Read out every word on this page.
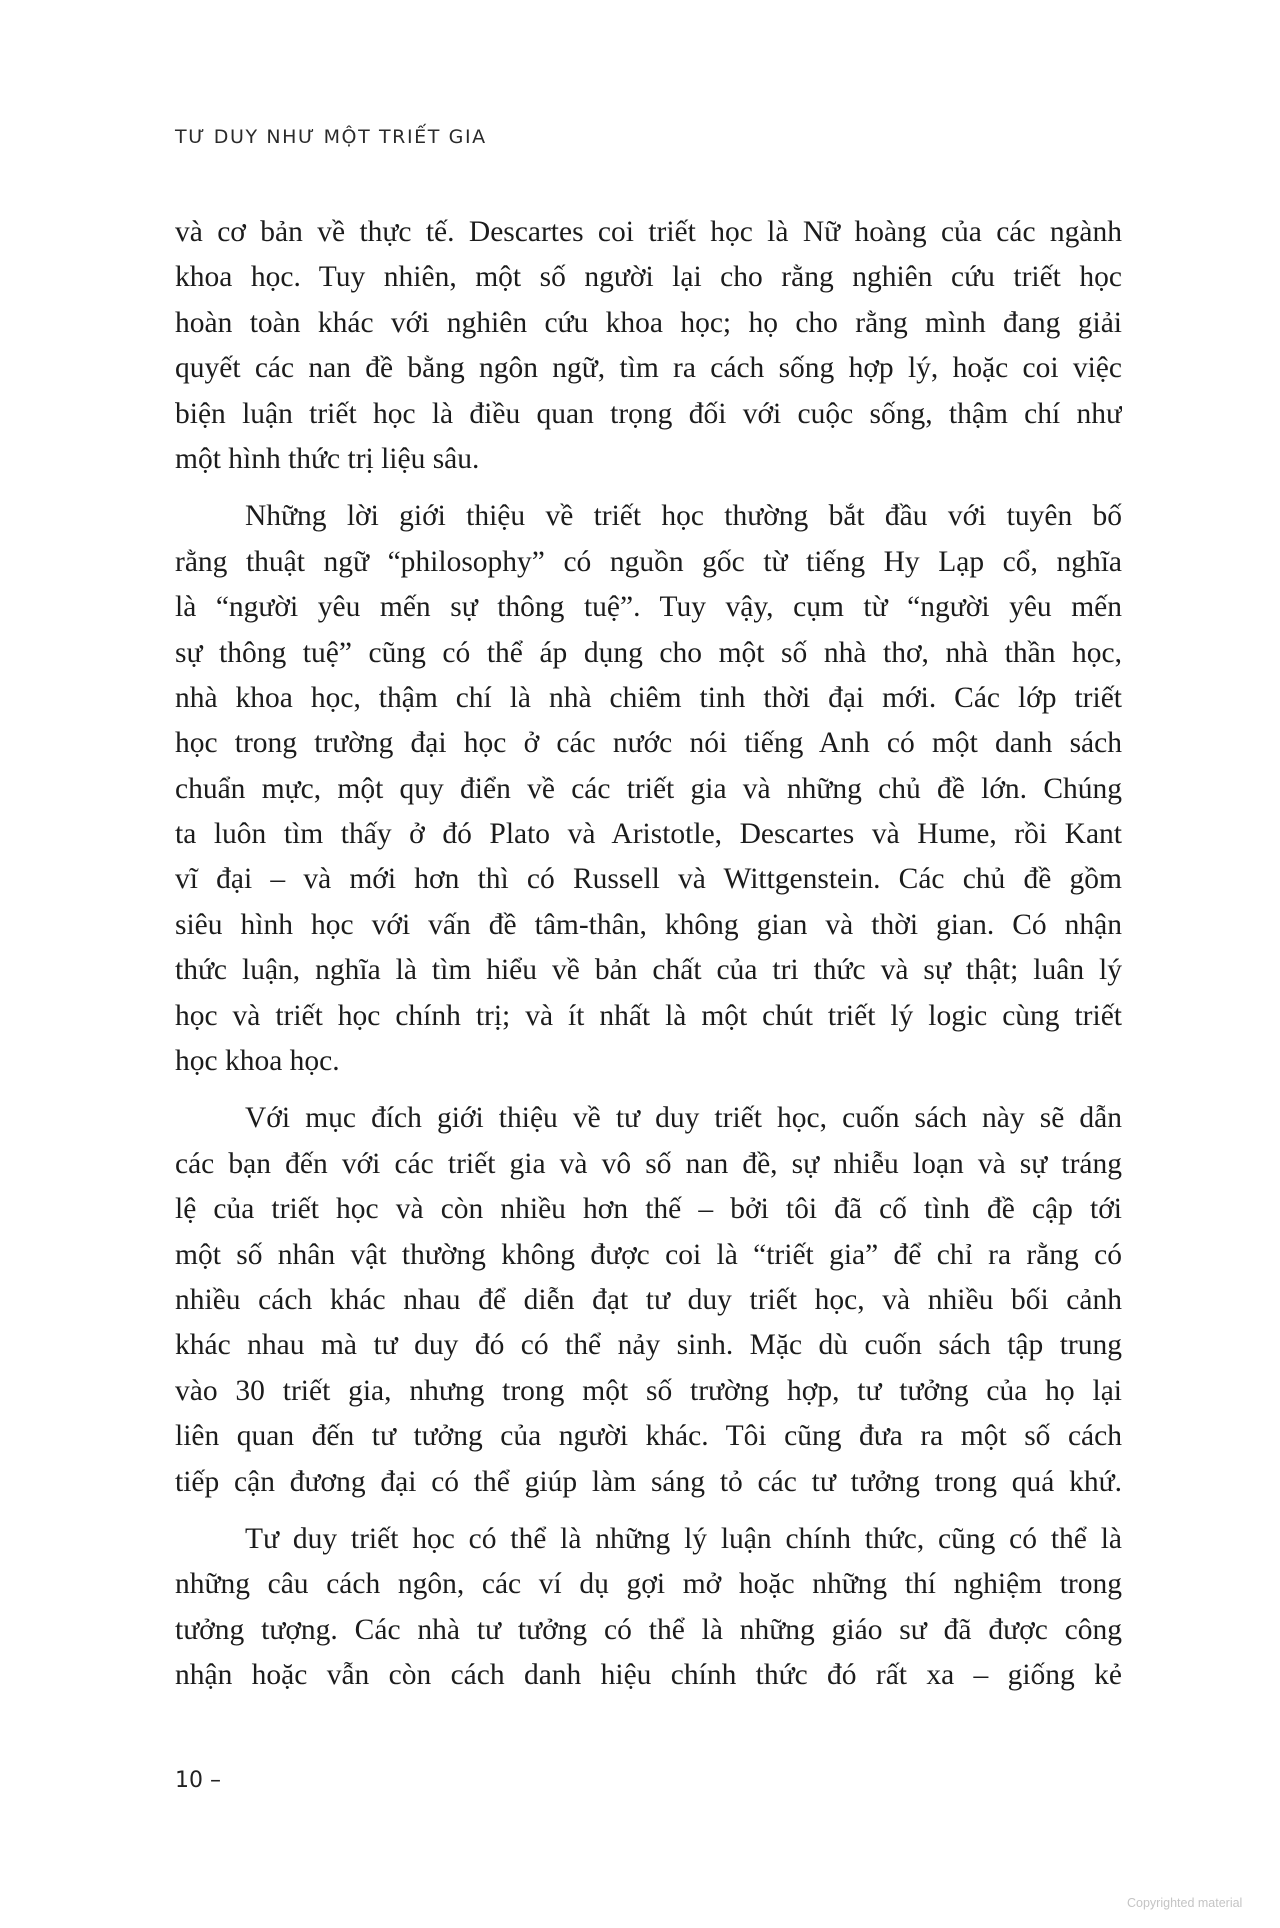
TƯ DUY NHƯ MỘT TRIẾT GIA
và cơ bản về thực tế. Descartes coi triết học là Nữ hoàng của các ngành
khoa học. Tuy nhiên, một số người lại cho rằng nghiên cứu triết học
hoàn toàn khác với nghiên cứu khoa học; họ cho rằng mình đang giải
quyết các nan đề bằng ngôn ngữ, tìm ra cách sống hợp lý, hoặc coi việc
biện luận triết học là điều quan trọng đối với cuộc sống, thậm chí như
một hình thức trị liệu sâu.
Những lời giới thiệu về triết học thường bắt đầu với tuyên bố
rằng thuật ngữ “philosophy” có nguồn gốc từ tiếng Hy Lạp cổ, nghĩa
là “người yêu mến sự thông tuệ”. Tuy vậy, cụm từ “người yêu mến
sự thông tuệ” cũng có thể áp dụng cho một số nhà thơ, nhà thần học,
nhà khoa học, thậm chí là nhà chiêm tinh thời đại mới. Các lớp triết
học trong trường đại học ở các nước nói tiếng Anh có một danh sách
chuẩn mực, một quy điển về các triết gia và những chủ đề lớn. Chúng
ta luôn tìm thấy ở đó Plato và Aristotle, Descartes và Hume, rồi Kant
vĩ đại – và mới hơn thì có Russell và Wittgenstein. Các chủ đề gồm
siêu hình học với vấn đề tâm-thân, không gian và thời gian. Có nhận
thức luận, nghĩa là tìm hiểu về bản chất của tri thức và sự thật; luân lý
học và triết học chính trị; và ít nhất là một chút triết lý logic cùng triết
học khoa học.
Với mục đích giới thiệu về tư duy triết học, cuốn sách này sẽ dẫn
các bạn đến với các triết gia và vô số nan đề, sự nhiễu loạn và sự tráng
lệ của triết học và còn nhiều hơn thế – bởi tôi đã cố tình đề cập tới
một số nhân vật thường không được coi là “triết gia” để chỉ ra rằng có
nhiều cách khác nhau để diễn đạt tư duy triết học, và nhiều bối cảnh
khác nhau mà tư duy đó có thể nảy sinh. Mặc dù cuốn sách tập trung
vào 30 triết gia, nhưng trong một số trường hợp, tư tưởng của họ lại
liên quan đến tư tưởng của người khác. Tôi cũng đưa ra một số cách
tiếp cận đương đại có thể giúp làm sáng tỏ các tư tưởng trong quá khứ.
Tư duy triết học có thể là những lý luận chính thức, cũng có thể là
những câu cách ngôn, các ví dụ gợi mở hoặc những thí nghiệm trong
tưởng tượng. Các nhà tư tưởng có thể là những giáo sư đã được công
nhận hoặc vẫn còn cách danh hiệu chính thức đó rất xa – giống kẻ
10 –
Copyrighted material
